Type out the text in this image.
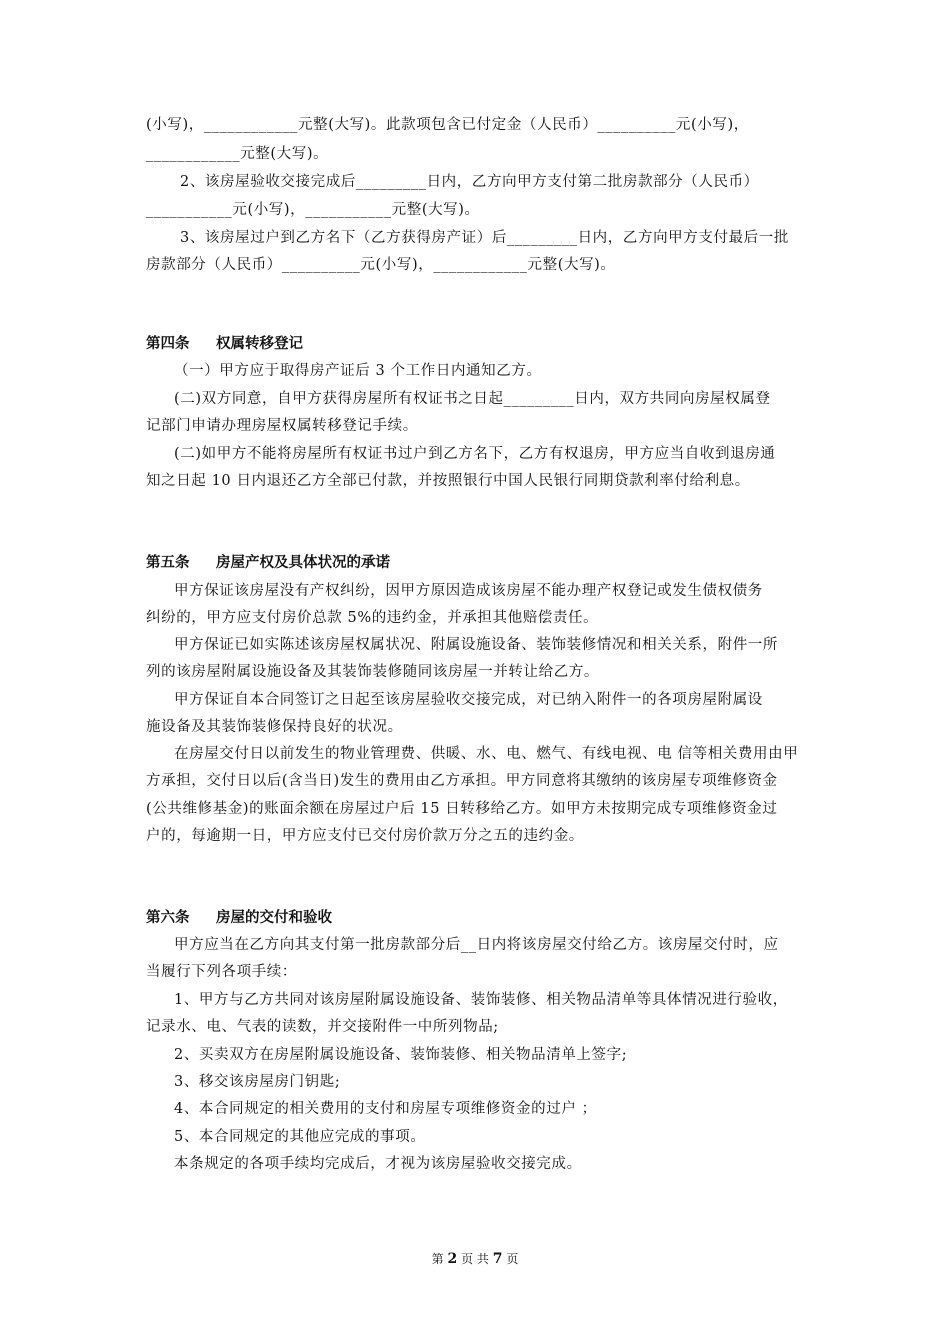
(小写)，____________元整(大写)。此款项包含已付定金（人民币）__________元(小写)，
____________元整(大写)。
2、该房屋验收交接完成后_________日内，乙方向甲方支付第二批房款部分（人民币）
___________元(小写)，___________元整(大写)。
3、该房屋过户到乙方名下（乙方获得房产证）后_________日内，乙方向甲方支付最后一批
房款部分（人民币）__________元(小写)，____________元整(大写)。
第四条 权属转移登记
（一）甲方应于取得房产证后 3 个工作日内通知乙方。
(二)双方同意，自甲方获得房屋所有权证书之日起_________日内，双方共同向房屋权属登
记部门申请办理房屋权属转移登记手续。
(二)如甲方不能将房屋所有权证书过户到乙方名下，乙方有权退房，甲方应当自收到退房通
知之日起 10 日内退还乙方全部已付款，并按照银行中国人民银行同期贷款利率付给利息。
第五条 房屋产权及具体状况的承诺
甲方保证该房屋没有产权纠纷，因甲方原因造成该房屋不能办理产权登记或发生债权债务
纠纷的，甲方应支付房价总款 5%的违约金，并承担其他赔偿责任。
甲方保证已如实陈述该房屋权属状况、附属设施设备、装饰装修情况和相关关系，附件一所
列的该房屋附属设施设备及其装饰装修随同该房屋一并转让给乙方。
甲方保证自本合同签订之日起至该房屋验收交接完成，对已纳入附件一的各项房屋附属设
施设备及其装饰装修保持良好的状况。
在房屋交付日以前发生的物业管理费、供暖、水、电、燃气、有线电视、电 信等相关费用由甲
方承担，交付日以后(含当日)发生的费用由乙方承担。甲方同意将其缴纳的该房屋专项维修资金
(公共维修基金)的账面余额在房屋过户后 15 日转移给乙方。如甲方未按期完成专项维修资金过
户的，每逾期一日，甲方应支付已交付房价款万分之五的违约金。
第六条 房屋的交付和验收
甲方应当在乙方向其支付第一批房款部分后__日内将该房屋交付给乙方。该房屋交付时，应
当履行下列各项手续：
1、甲方与乙方共同对该房屋附属设施设备、装饰装修、相关物品清单等具体情况进行验收，
记录水、电、气表的读数，并交接附件一中所列物品;
2、买卖双方在房屋附属设施设备、装饰装修、相关物品清单上签字;
3、移交该房屋房门钥匙;
4、本合同规定的相关费用的支付和房屋专项维修资金的过户 ；
5、本合同规定的其他应完成的事项。
本条规定的各项手续均完成后，才视为该房屋验收交接完成。
第 2 页 共 7 页
